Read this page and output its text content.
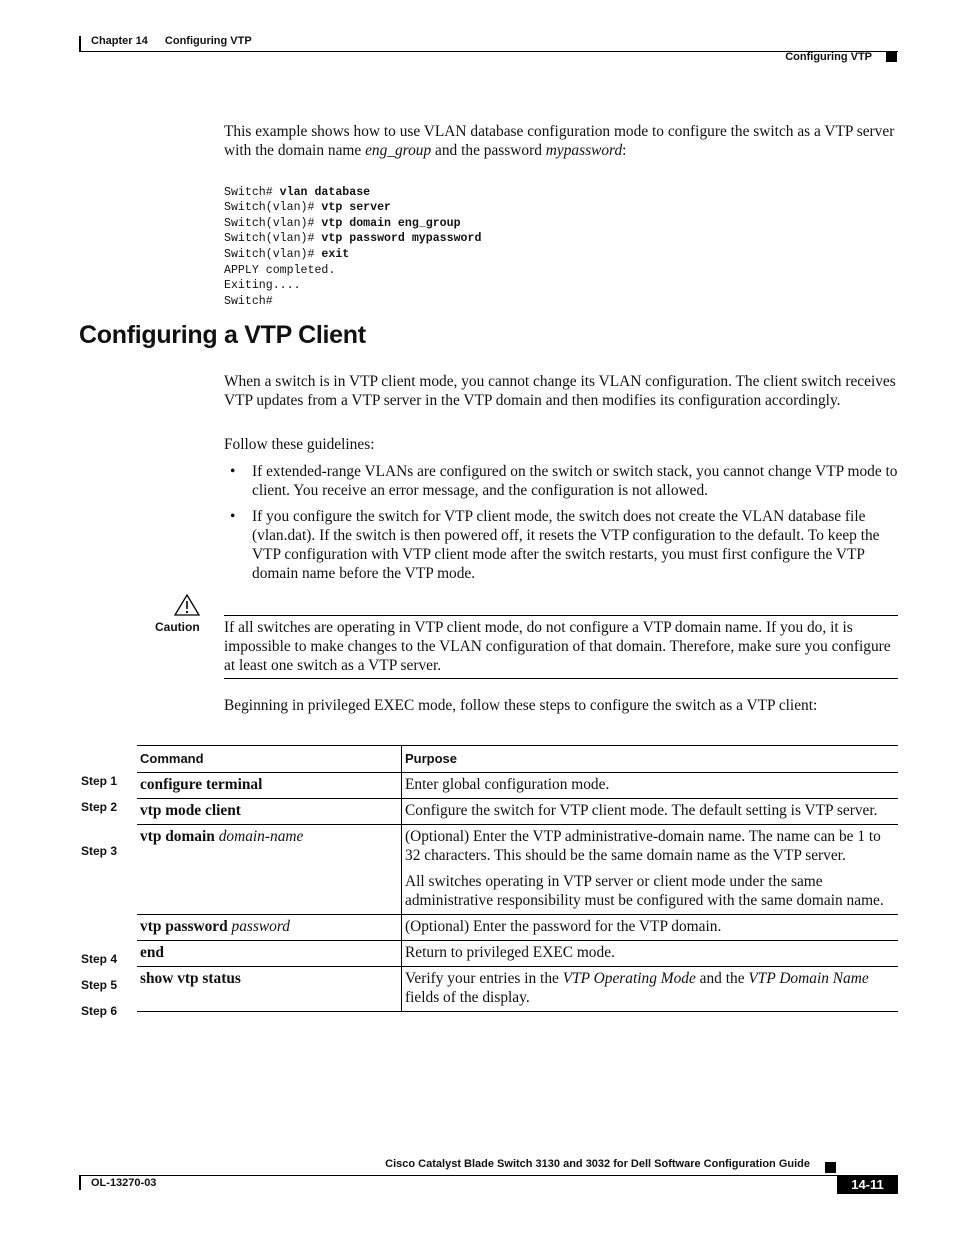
Chapter 14 Configuring VTP
Configuring VTP
This example shows how to use VLAN database configuration mode to configure the switch as a VTP server with the domain name eng_group and the password mypassword:

Switch# vlan database
Switch(vlan)# vtp server
Switch(vlan)# vtp domain eng_group
Switch(vlan)# vtp password mypassword
Switch(vlan)# exit
APPLY completed.
Exiting....
Switch#

Configuring a VTP Client
When a switch is in VTP client mode, you cannot change its VLAN configuration. The client switch receives VTP updates from a VTP server in the VTP domain and then modifies its configuration accordingly.
Follow these guidelines:
• If extended-range VLANs are configured on the switch or switch stack, you cannot change VTP mode to client. You receive an error message, and the configuration is not allowed.
• If you configure the switch for VTP client mode, the switch does not create the VLAN database file (vlan.dat). If the switch is then powered off, it resets the VTP configuration to the default. To keep the VTP configuration with VTP client mode after the switch restarts, you must first configure the VTP domain name before the VTP mode.
Caution If all switches are operating in VTP client mode, do not configure a VTP domain name. If you do, it is impossible to make changes to the VLAN configuration of that domain. Therefore, make sure you configure at least one switch as a VTP server.
Beginning in privileged EXEC mode, follow these steps to configure the switch as a VTP client:
Step 1
Step 2
Step 3
Step 4
Step 5
Step 6
Command	Purpose
configure terminal	Enter global configuration mode.

vtp mode client	Configure the switch for VTP client mode. The default setting is VTP server.

vtp domain domain-name	(Optional) Enter the VTP administrative-domain name. The name can be 1 to 32 characters. This should be the same domain name as the VTP server.

All switches operating in VTP server or client mode under the same administrative responsibility must be configured with the same domain name.

vtp password password	(Optional) Enter the password for the VTP domain.

end	Return to privileged EXEC mode.

show vtp status	Verify your entries in the VTP Operating Mode and the VTP Domain Name fields of the display.

Cisco Catalyst Blade Switch 3130 and 3032 for Dell Software Configuration Guide
OL-13270-03	14-11
